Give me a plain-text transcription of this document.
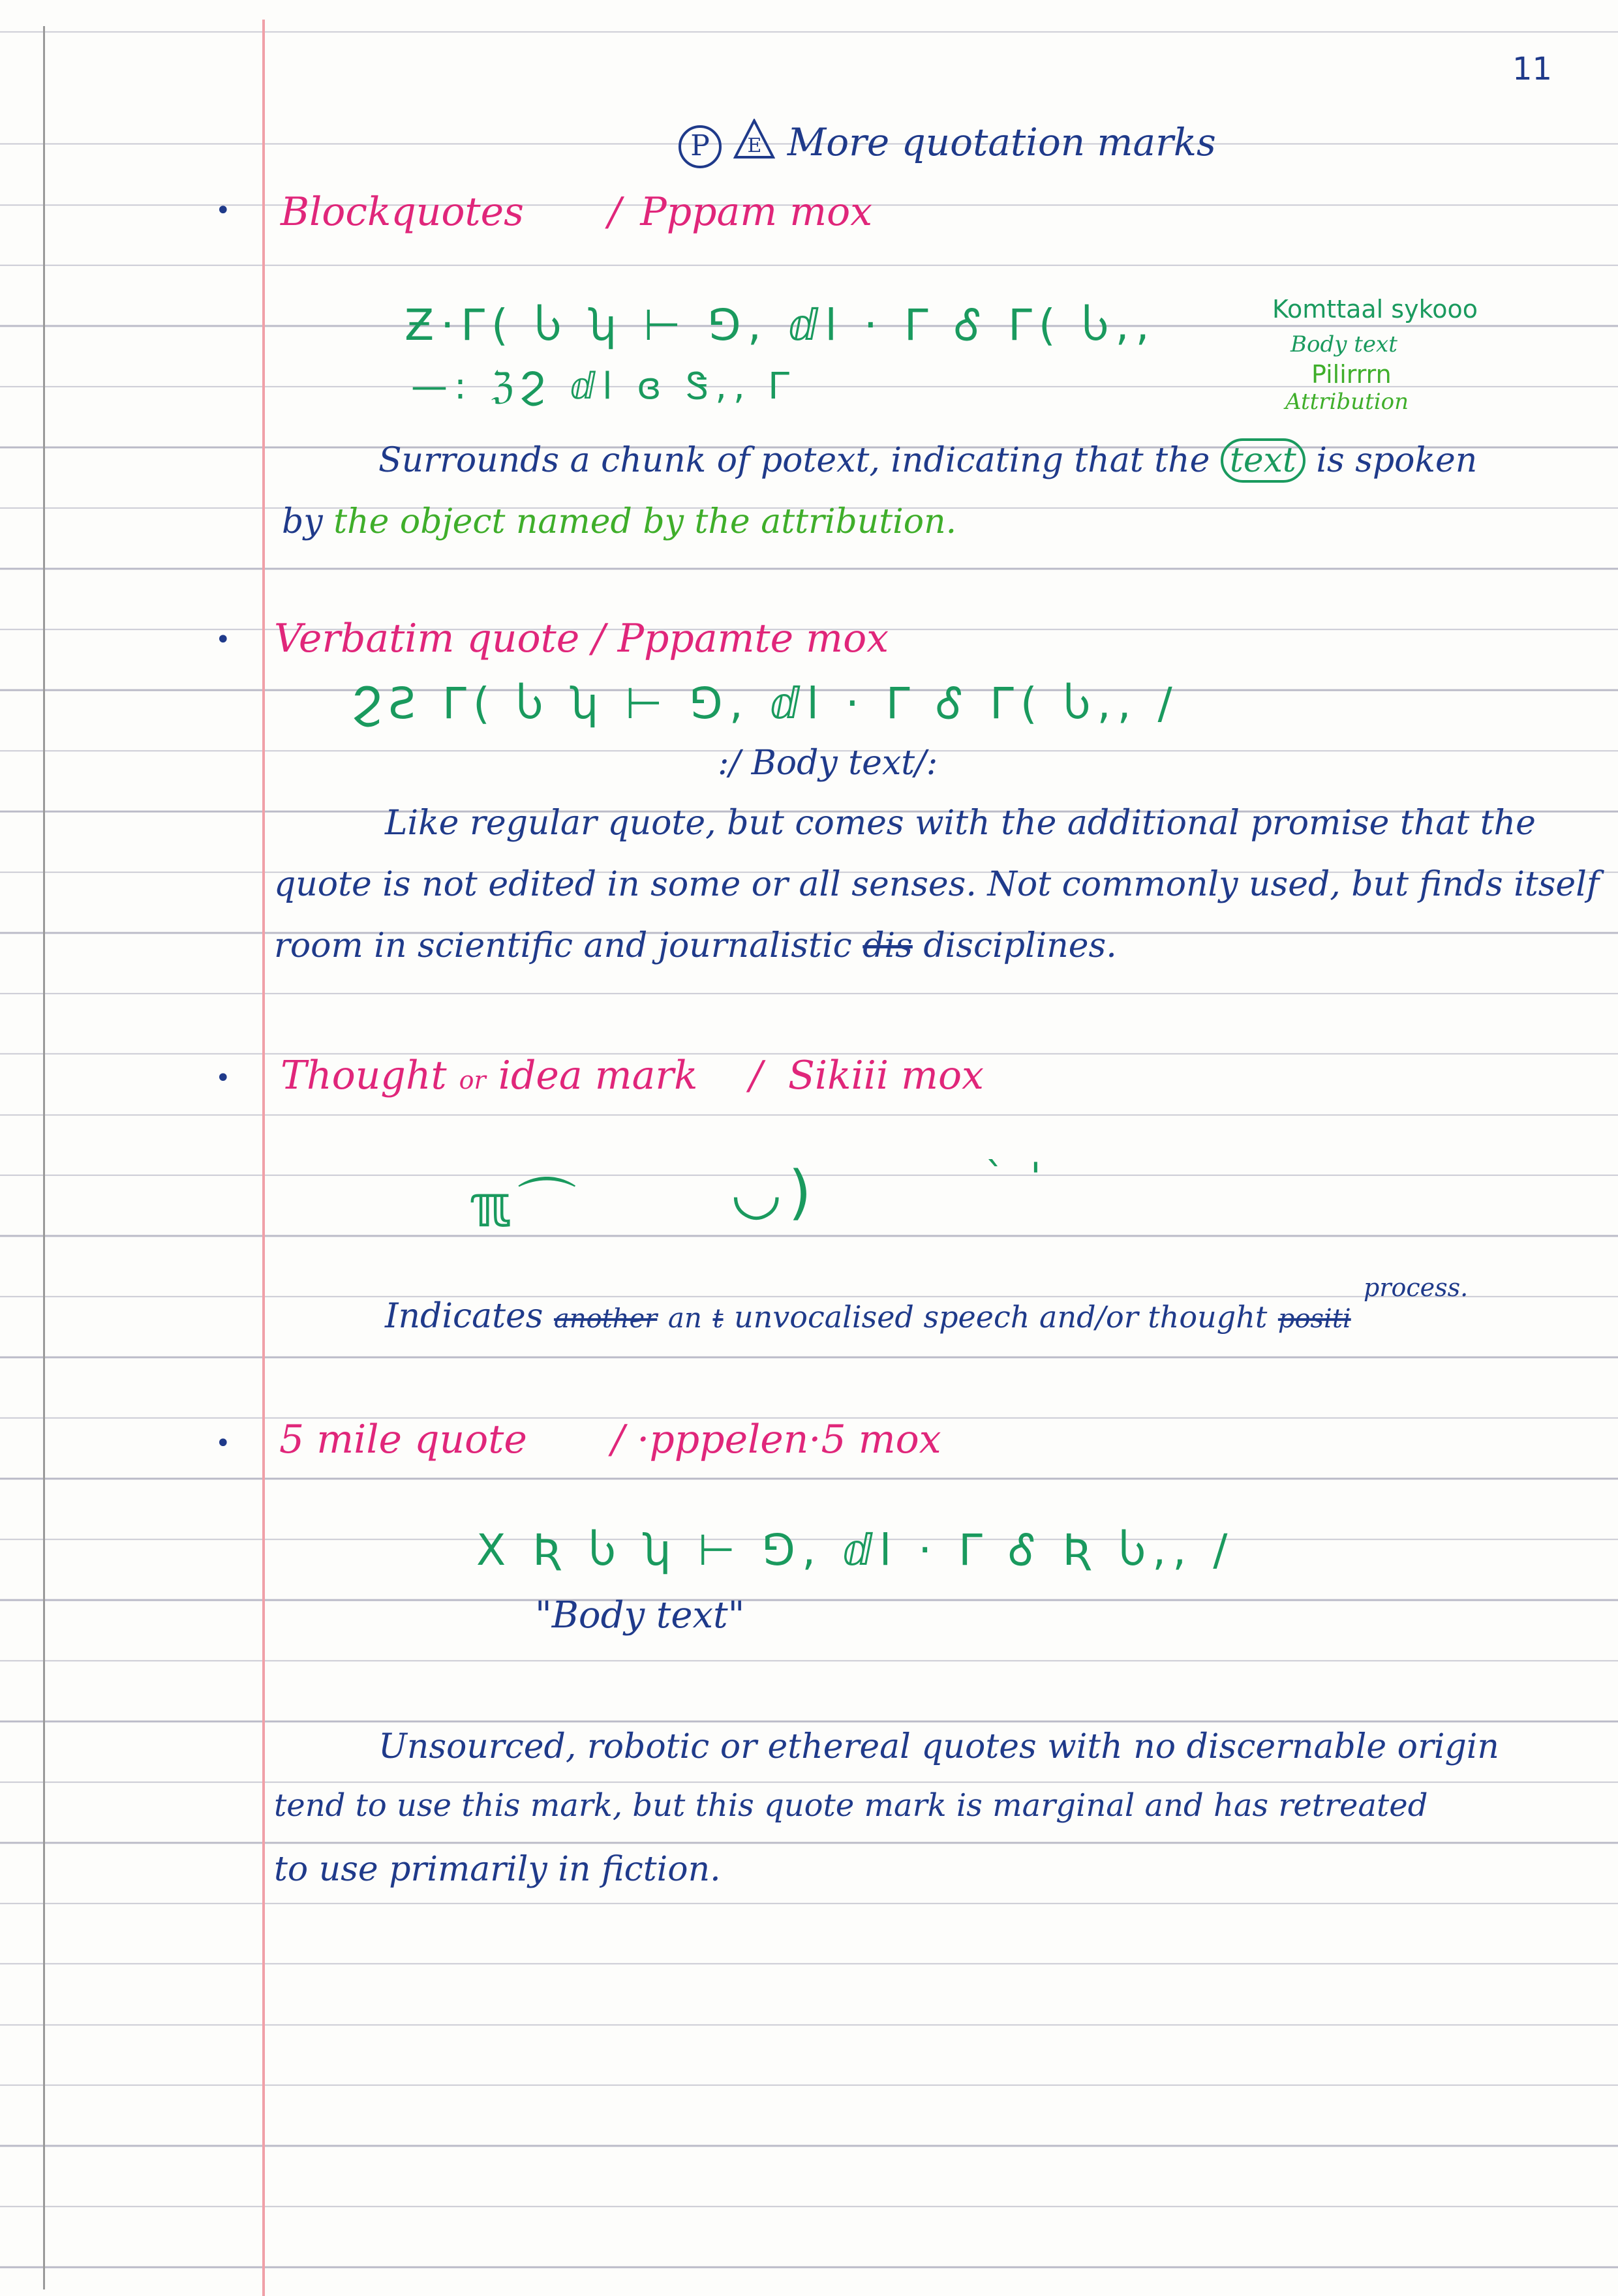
11
P	E More quotation marks
• Blockquotes / Pppam mox
Ƶ·Γ( Ⴑ ʮ ⊢ ⅁, ⅆl · Γ Ꮄ Γ( Ⴑ,,
—: ℨϨ ⅆl ɞ Ꮥ,, Ꮁ
Komttaal sykooo
Body text
Pilirrrn
Attribution
Surrounds a chunk of potext, indicating that the text is spoken
by the object named by the attribution.
• Verbatim quote / Pppamte mox
ϨƧ Γ( Ⴑ ʮ ⊢ ⅁, ⅆl · Γ Ꮄ Γ( Ⴑ,, /
:/ Body text/:
Like regular quote, but comes with the additional promise that the
quote is not edited in some or all senses. Not commonly used, but finds itself
room in scientific and journalistic dis disciplines.
• Thought or idea mark / Sikiii mox
ℼ⌒	◡)	` '
process.
Indicates another an t unvocalised speech and/or thought positi
• 5 mile quote / ·pppelen·5 mox
Ⅹ Ʀ Ⴑ ʮ ⊢ ⅁, ⅆl · Γ Ꮄ Ʀ Ⴑ,, /
"Body text"
Unsourced, robotic or ethereal quotes with no discernable origin
tend to use this mark, but this quote mark is marginal and has retreated
to use primarily in fiction.
